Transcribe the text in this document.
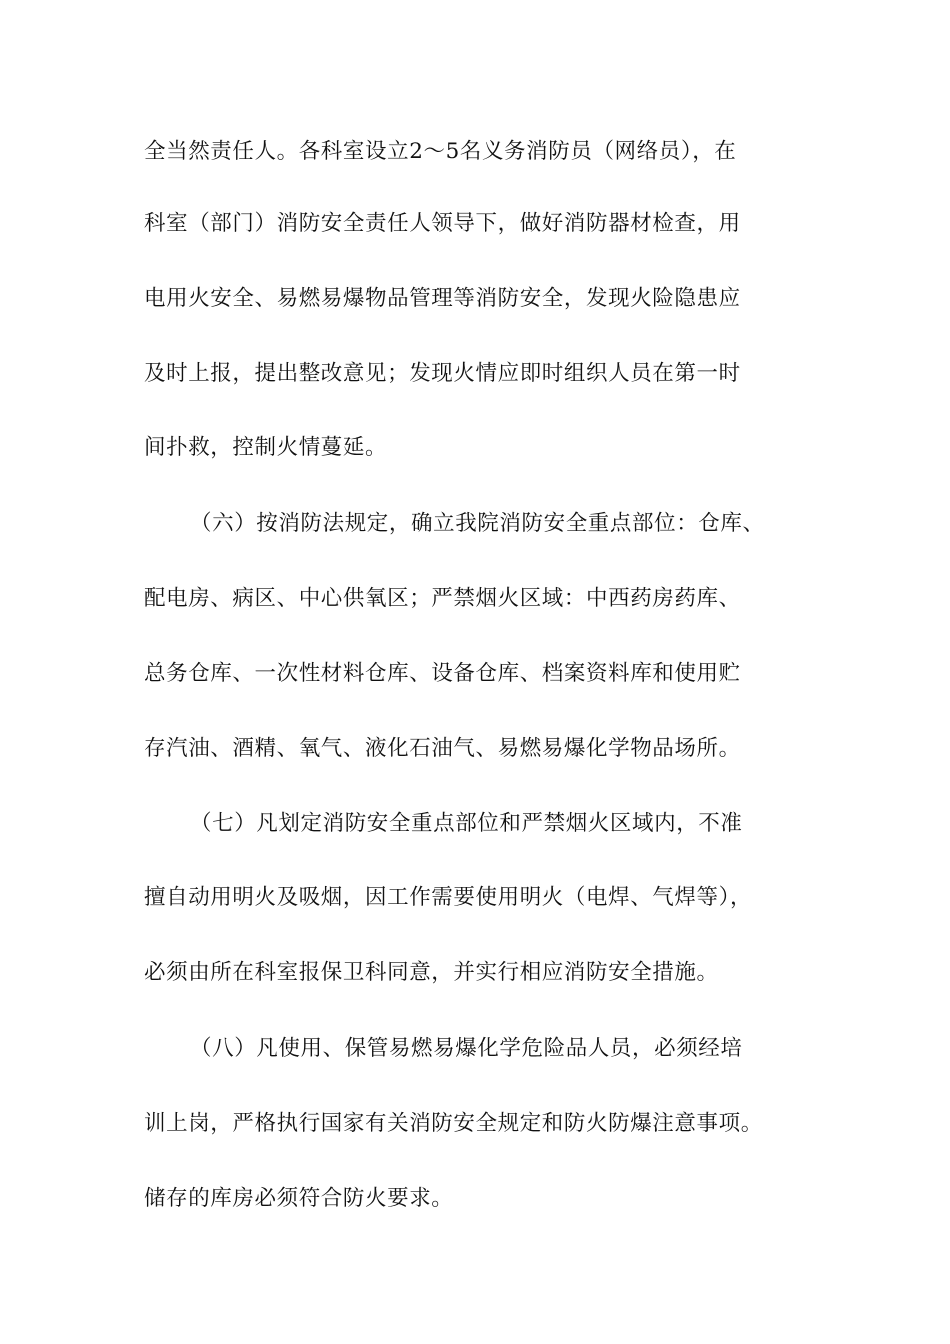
全当然责任人。各科室设立2～5名义务消防员（网络员），在
科室（部门）消防安全责任人领导下，做好消防器材检查，用
电用火安全、易燃易爆物品管理等消防安全，发现火险隐患应
及时上报，提出整改意见；发现火情应即时组织人员在第一时
间扑救，控制火情蔓延。
（六）按消防法规定，确立我院消防安全重点部位：仓库、
配电房、病区、中心供氧区；严禁烟火区域：中西药房药库、
总务仓库、一次性材料仓库、设备仓库、档案资料库和使用贮
存汽油、酒精、氧气、液化石油气、易燃易爆化学物品场所。
（七）凡划定消防安全重点部位和严禁烟火区域内，不准
擅自动用明火及吸烟，因工作需要使用明火（电焊、气焊等），
必须由所在科室报保卫科同意，并实行相应消防安全措施。
（八）凡使用、保管易燃易爆化学危险品人员，必须经培
训上岗，严格执行国家有关消防安全规定和防火防爆注意事项。
储存的库房必须符合防火要求。
